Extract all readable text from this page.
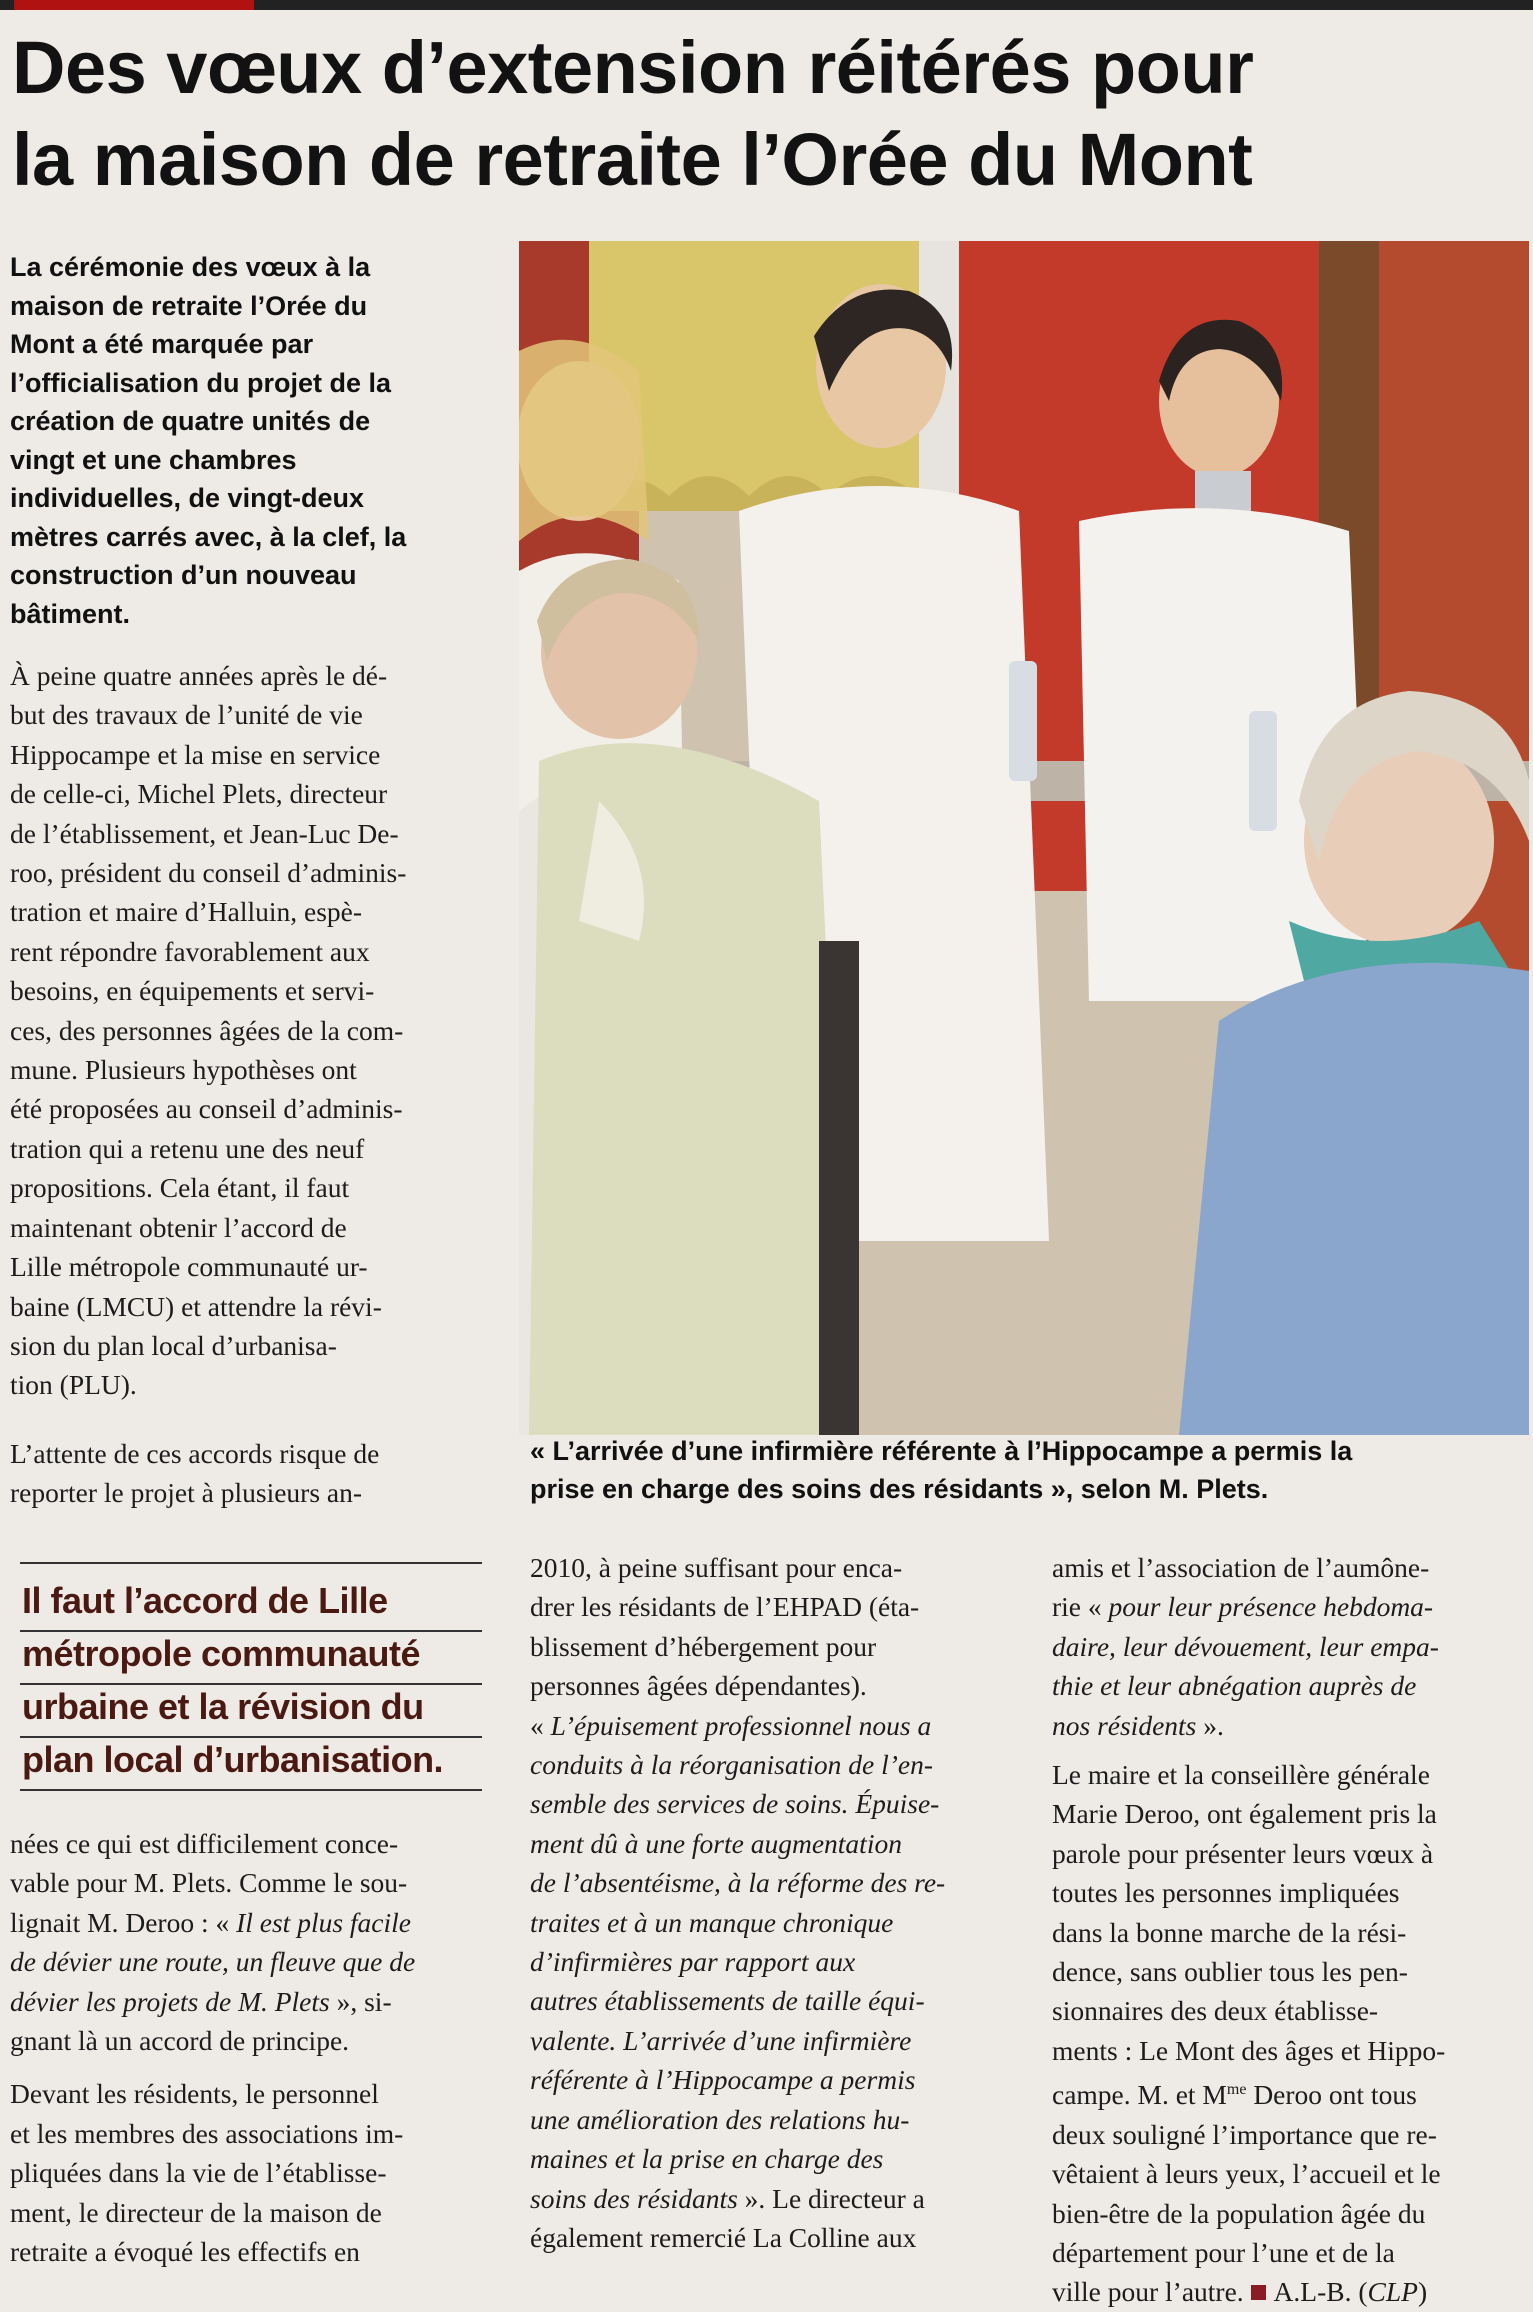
Des vœux d’extension réitérés pour
la maison de retraite l’Orée du Mont

La cérémonie des vœux à la
maison de retraite l’Orée du
Mont a été marquée par
l’officialisation du projet de la
création de quatre unités de
vingt et une chambres
individuelles, de vingt-deux
mètres carrés avec, à la clef, la
construction d’un nouveau
bâtiment.

À peine quatre années après le dé-
but des travaux de l’unité de vie
Hippocampe et la mise en service
de celle-ci, Michel Plets, directeur
de l’établissement, et Jean-Luc De-
roo, président du conseil d’adminis-
tration et maire d’Halluin, espè-
rent répondre favorablement aux
besoins, en équipements et servi-
ces, des personnes âgées de la com-
mune. Plusieurs hypothèses ont
été proposées au conseil d’adminis-
tration qui a retenu une des neuf
propositions. Cela étant, il faut
maintenant obtenir l’accord de
Lille métropole communauté ur-
baine (LMCU) et attendre la révi-
sion du plan local d’urbanisa-
tion (PLU).

L’attente de ces accords risque de
reporter le projet à plusieurs an-

« L’arrivée d’une infirmière référente à l’Hippocampe a permis la
prise en charge des soins des résidants », selon M. Plets.

Il faut l’accord de Lille
métropole communauté
urbaine et la révision du
plan local d’urbanisation.

nées ce qui est difficilement conce-
vable pour M. Plets. Comme le sou-
lignait M. Deroo : « Il est plus facile
de dévier une route, un fleuve que de
dévier les projets de M. Plets », si-
gnant là un accord de principe.

Devant les résidents, le personnel
et les membres des associations im-
pliquées dans la vie de l’établisse-
ment, le directeur de la maison de
retraite a évoqué les effectifs en

2010, à peine suffisant pour enca-
drer les résidants de l’EHPAD (éta-
blissement d’hébergement pour
personnes âgées dépendantes).
« L’épuisement professionnel nous a
conduits à la réorganisation de l’en-
semble des services de soins. Épuise-
ment dû à une forte augmentation
de l’absentéisme, à la réforme des re-
traites et à un manque chronique
d’infirmières par rapport aux
autres établissements de taille équi-
valente. L’arrivée d’une infirmière
référente à l’Hippocampe a permis
une amélioration des relations hu-
maines et la prise en charge des
soins des résidants ». Le directeur a
également remercié La Colline aux

amis et l’association de l’aumône-
rie « pour leur présence hebdoma-
daire, leur dévouement, leur empa-
thie et leur abnégation auprès de
nos résidents ».

Le maire et la conseillère générale
Marie Deroo, ont également pris la
parole pour présenter leurs vœux à
toutes les personnes impliquées
dans la bonne marche de la rési-
dence, sans oublier tous les pen-
sionnaires des deux établisse-
ments : Le Mont des âges et Hippo-
campe. M. et $M^{me}$ Deroo ont tous
deux souligné l’importance que re-
vêtaient à leurs yeux, l’accueil et le
bien-être de la population âgée du
département pour l’une et de la
ville pour l’autre. A.L-B. (CLP)
